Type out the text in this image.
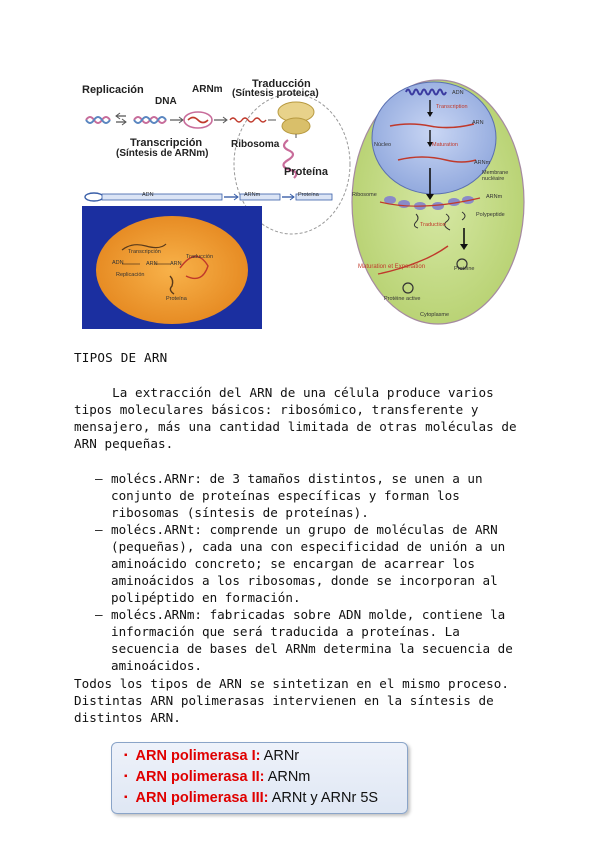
Replicación
DNA
ARNm	Traducción
(Síntesis proteica)
Transcripción
(Síntesis de ARNm)
Ribosoma
Proteína
ADN	ARNm	Proteína
ADN
Transcripción
ARN ARN
Traducción
Replicación
Proteína
ADN
Transcription
ARN
Núcleo	Maturation
ARNm
Membrane nucléaire
Ribosome	ARNm
Polypeptide
Traduction
Maturation et Exportation	Protéine
Protéine active
Cytoplasme
TIPOS DE ARN
La extracción del ARN de una célula produce varios
tipos moleculares básicos: ribosómico, transferente y
mensajero, más una cantidad limitada de otras moléculas de
ARN pequeñas.
– molécs.ARNr: de 3 tamaños distintos, se unen a un
conjunto de proteínas específicas y forman los
ribosomas (síntesis de proteínas).
– molécs.ARNt: comprende un grupo de moléculas de ARN
(pequeñas), cada una con especificidad de unión a un
aminoácido concreto; se encargan de acarrear los
aminoácidos a los ribosomas, donde se incorporan al
polipéptido en formación.
– molécs.ARNm: fabricadas sobre ADN molde, contiene la
información que será traducida a proteínas. La
secuencia de bases del ARNm determina la secuencia de
aminoácidos.
Todos los tipos de ARN se sintetizan en el mismo proceso.
Distintas ARN polimerasas intervienen en la síntesis de
distintos ARN.
▪ ARN polimerasa I: ARNr
▪ ARN polimerasa II: ARNm
▪ ARN polimerasa III: ARNt y ARNr 5S
